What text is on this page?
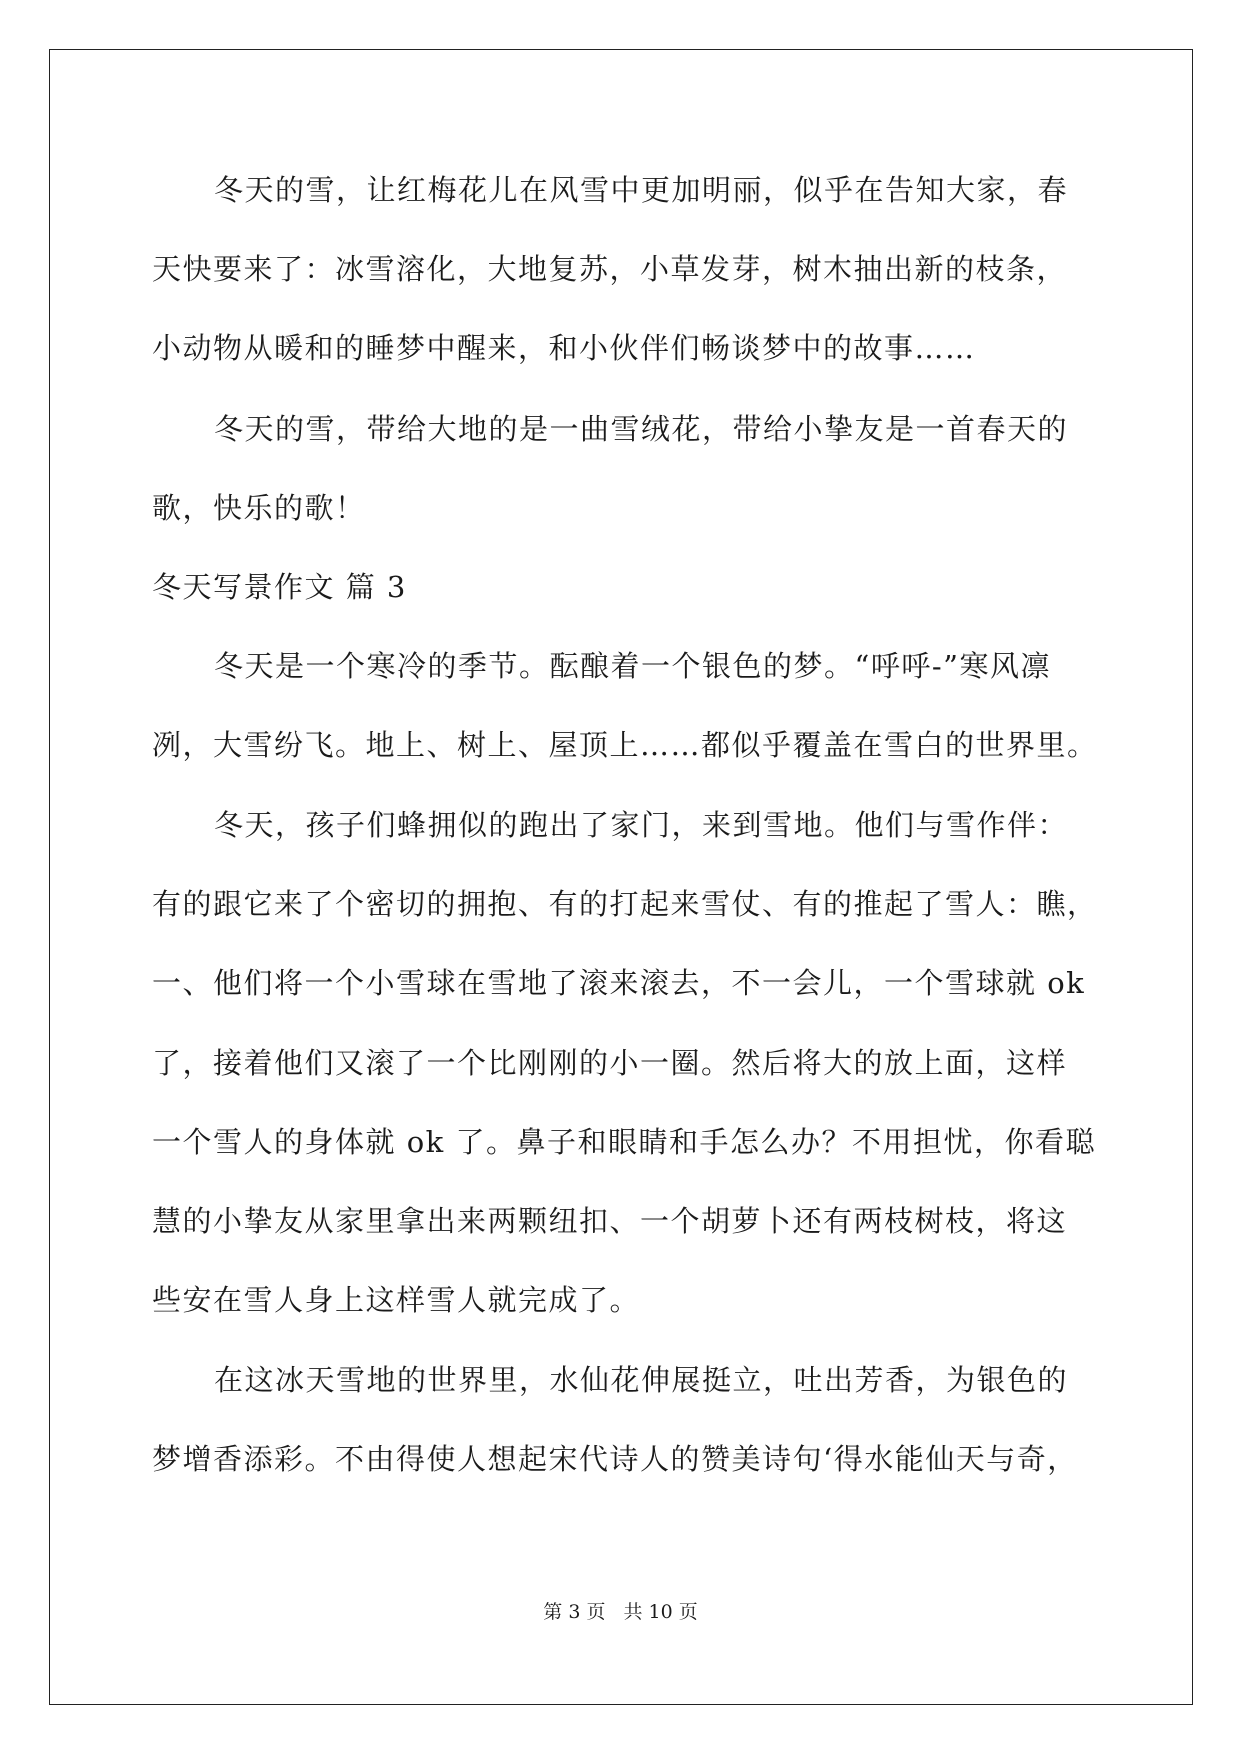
冬天的雪，让红梅花儿在风雪中更加明丽，似乎在告知大家，春
天快要来了：冰雪溶化，大地复苏，小草发芽，树木抽出新的枝条，
小动物从暖和的睡梦中醒来，和小伙伴们畅谈梦中的故事……
冬天的雪，带给大地的是一曲雪绒花，带给小挚友是一首春天的
歌，快乐的歌！
冬天写景作文 篇 3
冬天是一个寒冷的季节。酝酿着一个银色的梦。“呼呼-”寒风凛
冽，大雪纷飞。地上、树上、屋顶上……都似乎覆盖在雪白的世界里。
冬天，孩子们蜂拥似的跑出了家门，来到雪地。他们与雪作伴：
有的跟它来了个密切的拥抱、有的打起来雪仗、有的推起了雪人：瞧，
一、他们将一个小雪球在雪地了滚来滚去，不一会儿，一个雪球就 ok
了，接着他们又滚了一个比刚刚的小一圈。然后将大的放上面，这样
一个雪人的身体就 ok 了。鼻子和眼睛和手怎么办？不用担忧，你看聪
慧的小挚友从家里拿出来两颗纽扣、一个胡萝卜还有两枝树枝，将这
些安在雪人身上这样雪人就完成了。
在这冰天雪地的世界里，水仙花伸展挺立，吐出芳香，为银色的
梦增香添彩。不由得使人想起宋代诗人的赞美诗句‘得水能仙天与奇，
第 3 页 共 10 页
